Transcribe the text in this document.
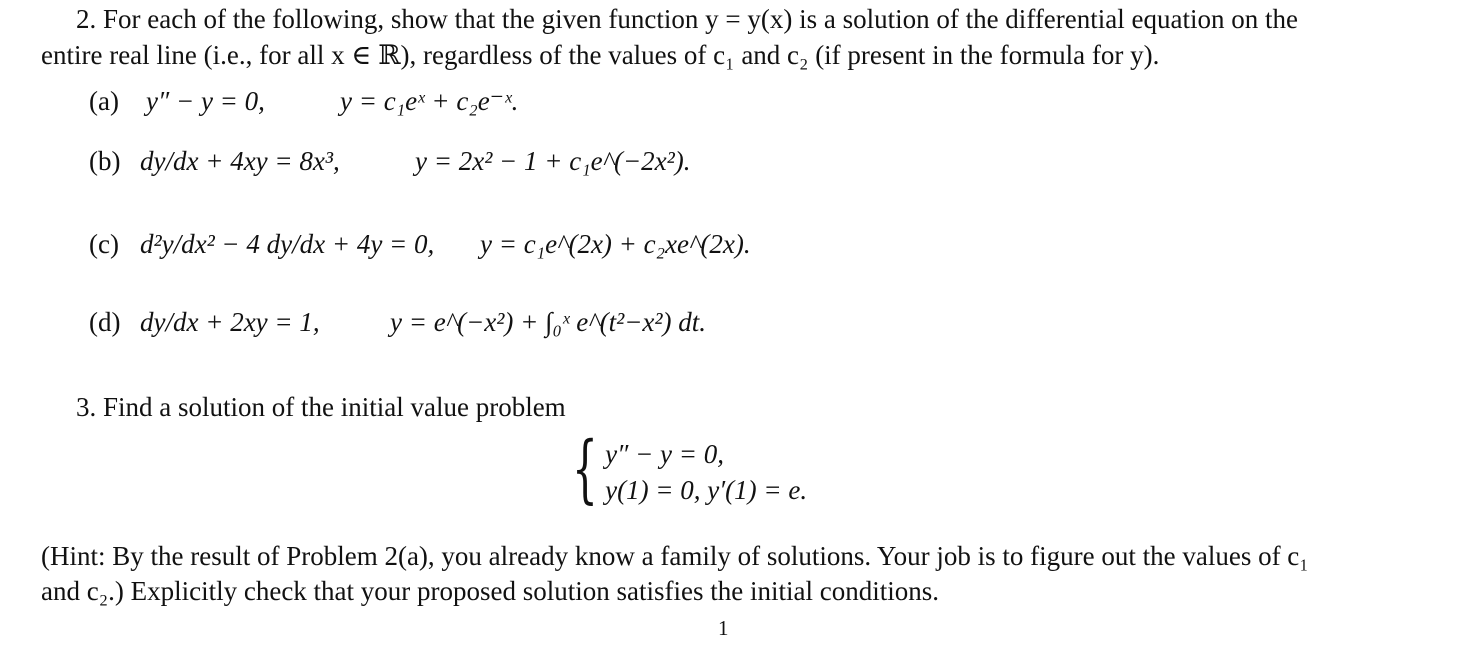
2. For each of the following, show that the given function y = y(x) is a solution of the differential equation on the
entire real line (i.e., for all x ∈ ℝ), regardless of the values of c₁ and c₂ (if present in the formula for y).
(a) y″ − y = 0,	y = c₁eˣ + c₂e⁻ˣ.
(b) dy/dx + 4xy = 8x³,	y = 2x² − 1 + c₁e^(−2x²).
(c) d²y/dx² − 4 dy/dx + 4y = 0, y = c₁e^(2x) + c₂xe^(2x).
(d) dy/dx + 2xy = 1,	y = e^(−x²) + ∫₀ˣ e^(t²−x²) dt.
3. Find a solution of the initial value problem
{ y″ − y = 0,
y(1) = 0, y′(1) = e.
(Hint: By the result of Problem 2(a), you already know a family of solutions. Your job is to figure out the values of c₁
and c₂.) Explicitly check that your proposed solution satisfies the initial conditions.
1
